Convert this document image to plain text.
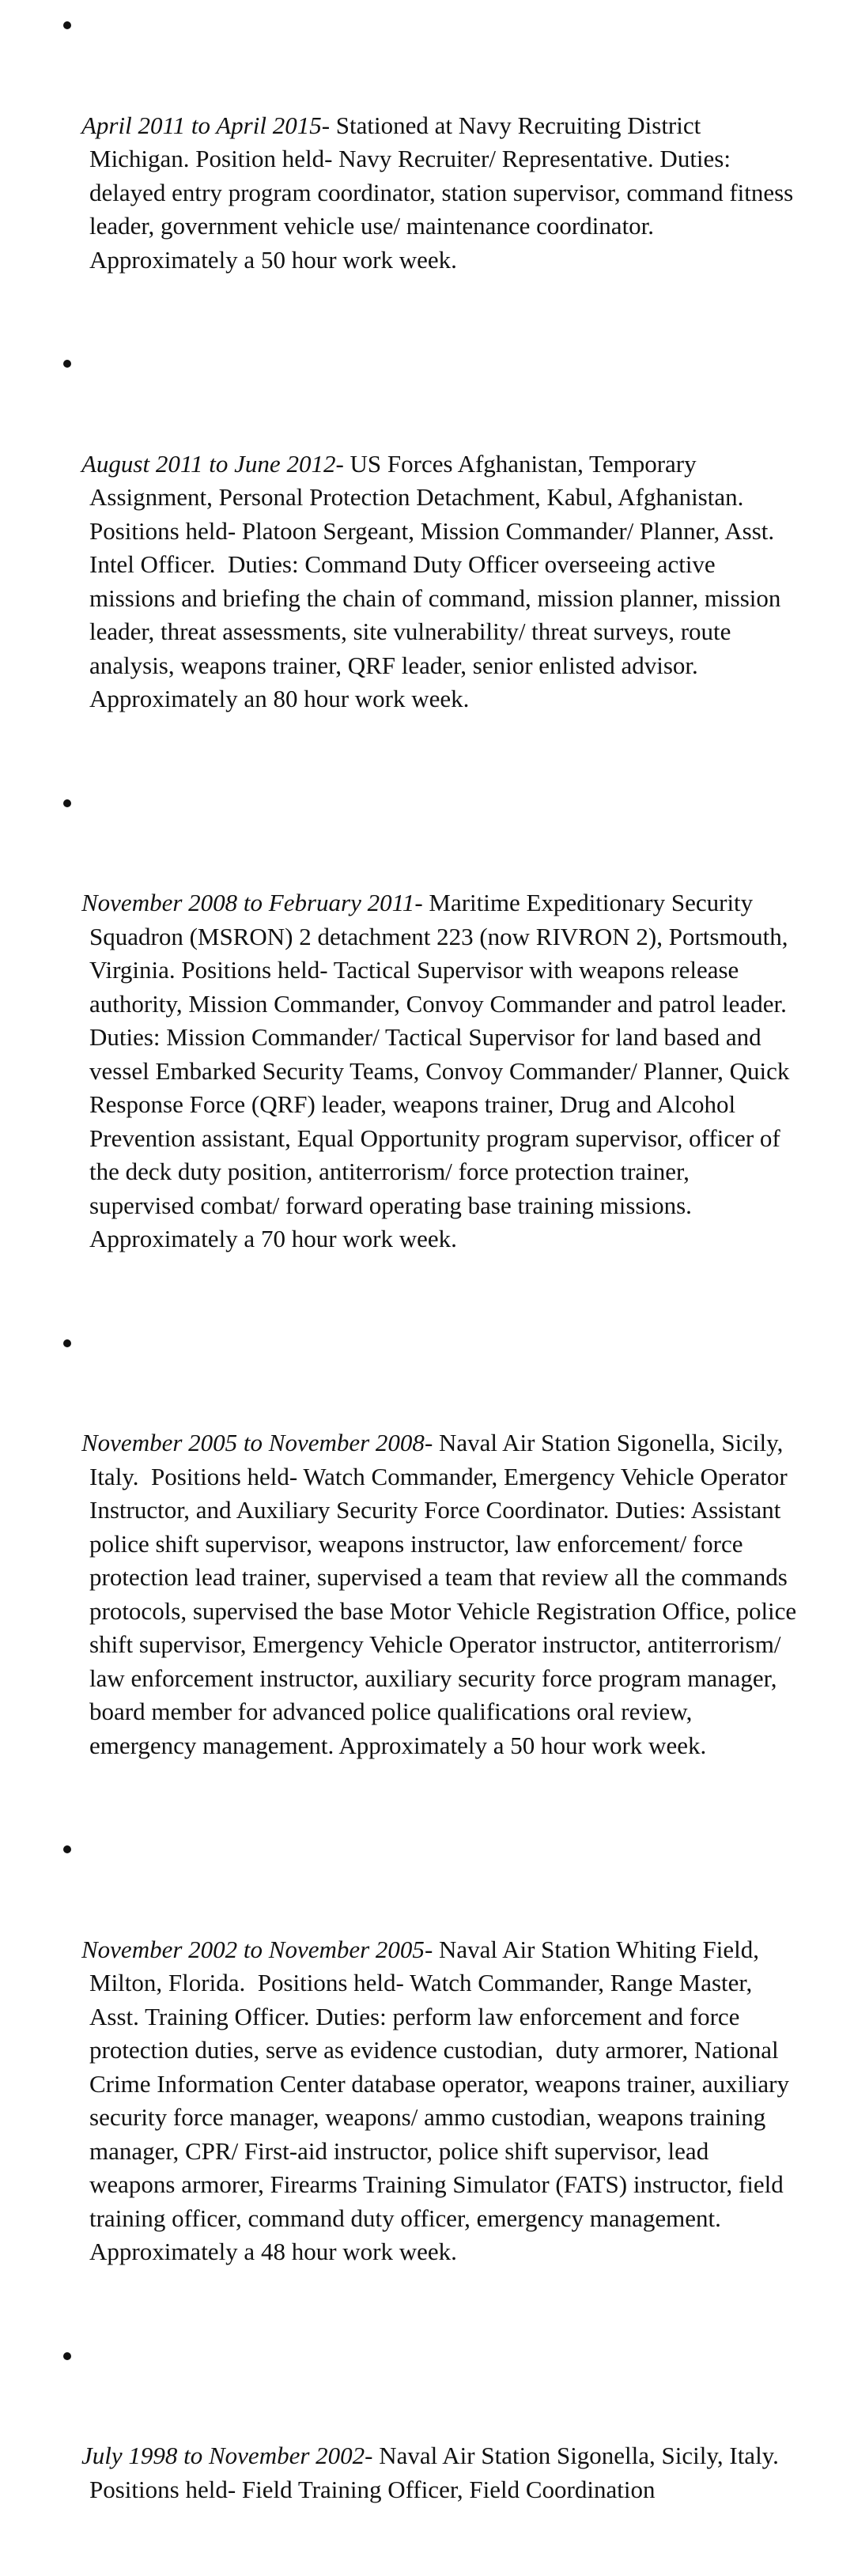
April 2011 to April 2015- Stationed at Navy Recruiting District Michigan. Position held- Navy Recruiter/ Representative. Duties: delayed entry program coordinator, station supervisor, command fitness leader, government vehicle use/ maintenance coordinator. Approximately a 50 hour work week.

August 2011 to June 2012- US Forces Afghanistan, Temporary Assignment, Personal Protection Detachment, Kabul, Afghanistan.  Positions held- Platoon Sergeant, Mission Commander/ Planner, Asst. Intel Officer.  Duties: Command Duty Officer overseeing active missions and briefing the chain of command, mission planner, mission leader, threat assessments, site vulnerability/ threat surveys, route analysis, weapons trainer, QRF leader, senior enlisted advisor. Approximately an 80 hour work week.

November 2008 to February 2011- Maritime Expeditionary Security Squadron (MSRON) 2 detachment 223 (now RIVRON 2), Portsmouth, Virginia. Positions held- Tactical Supervisor with weapons release authority, Mission Commander, Convoy Commander and patrol leader. Duties: Mission Commander/ Tactical Supervisor for land based and vessel Embarked Security Teams, Convoy Commander/ Planner, Quick Response Force (QRF) leader, weapons trainer, Drug and Alcohol Prevention assistant, Equal Opportunity program supervisor, officer of the deck duty position, antiterrorism/ force protection trainer, supervised combat/ forward operating base training missions. Approximately a 70 hour work week.

November 2005 to November 2008- Naval Air Station Sigonella, Sicily, Italy.  Positions held- Watch Commander, Emergency Vehicle Operator Instructor, and Auxiliary Security Force Coordinator. Duties: Assistant police shift supervisor, weapons instructor, law enforcement/ force protection lead trainer, supervised a team that review all the commands protocols, supervised the base Motor Vehicle Registration Office, police shift supervisor, Emergency Vehicle Operator instructor, antiterrorism/ law enforcement instructor, auxiliary security force program manager, board member for advanced police qualifications oral review, emergency management. Approximately a 50 hour work week.

November 2002 to November 2005- Naval Air Station Whiting Field, Milton, Florida.  Positions held- Watch Commander, Range Master, Asst. Training Officer. Duties: perform law enforcement and force protection duties, serve as evidence custodian,  duty armorer, National Crime Information Center database operator, weapons trainer, auxiliary security force manager, weapons/ ammo custodian, weapons training manager, CPR/ First-aid instructor, police shift supervisor, lead weapons armorer, Firearms Training Simulator (FATS) instructor, field training officer, command duty officer, emergency management.  Approximately a 48 hour work week.

July 1998 to November 2002- Naval Air Station Sigonella, Sicily, Italy.  Positions held- Field Training Officer, Field Coordination
